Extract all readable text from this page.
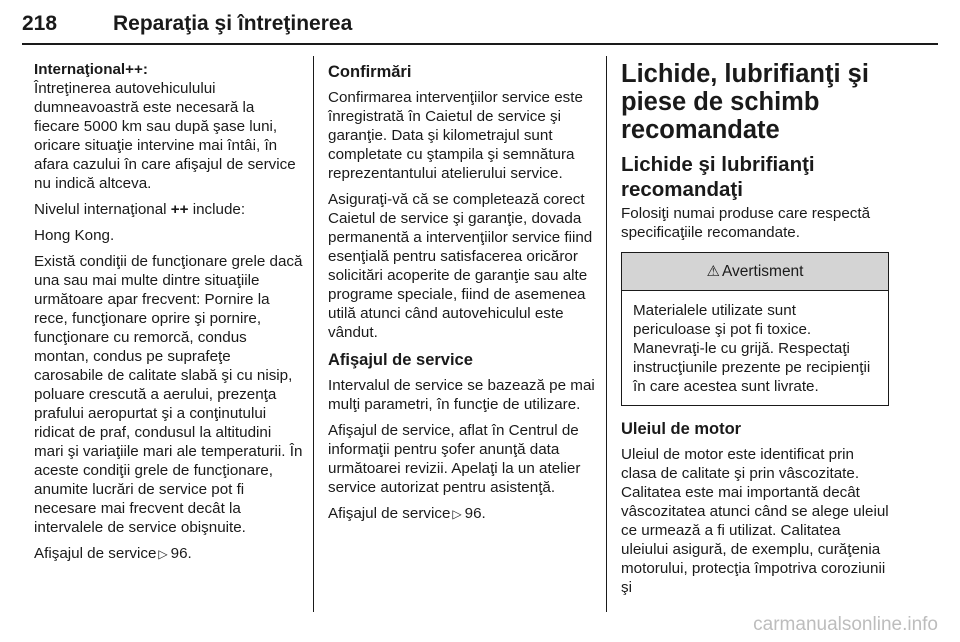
218	Reparaţia şi întreţinerea

Internaţional++:

Întreţinerea autovehiculului dumneavoastră este necesară la fiecare 5000 km sau după şase luni, oricare situaţie intervine mai întâi, în afara cazului în care afişajul de service nu indică altceva.

Nivelul internaţional ++ include:

Hong Kong.

Există condiţii de funcţionare grele dacă una sau mai multe dintre situaţiile următoare apar frecvent: Pornire la rece, funcţionare oprire şi pornire, funcţionare cu remorcă, condus montan, condus pe suprafeţe carosabile de calitate slabă şi cu nisip, poluare crescută a aerului, prezenţa prafului aeropurtat şi a conţinutului ridicat de praf, condusul la altitudini mari şi variaţiile mari ale temperaturii. În aceste condiţii grele de funcţionare, anumite lucrări de service pot fi necesare mai frecvent decât la intervalele de service obişnuite.

Afişajul de service ▷ 96.

Confirmări

Confirmarea intervenţiilor service este înregistrată în Caietul de service şi garanţie. Data şi kilometrajul sunt completate cu ştampila şi semnătura reprezentantului atelierului service.

Asiguraţi-vă că se completează corect Caietul de service şi garanţie, dovada permanentă a intervenţiilor service fiind esenţială pentru satisfacerea oricăror solicitări acoperite de garanţie sau alte programe speciale, fiind de asemenea utilă atunci când autovehiculul este vândut.

Afişajul de service

Intervalul de service se bazează pe mai mulţi parametri, în funcţie de utilizare.

Afişajul de service, aflat în Centrul de informaţii pentru şofer anunţă data următoarei revizii. Apelaţi la un atelier service autorizat pentru asistenţă.

Afişajul de service ▷ 96.

Lichide, lubrifianţi şi piese de schimb recomandate
Lichide şi lubrifianţi recomandaţi

Folosiţi numai produse care respectă specificaţiile recomandate.

⚠ Avertisment
Materialele utilizate sunt periculoase şi pot fi toxice. Manevraţi-le cu grijă. Respectaţi instrucţiunile prezente pe recipienţii în care acestea sunt livrate.
Uleiul de motor

Uleiul de motor este identificat prin clasa de calitate şi prin vâscozitate. Calitatea este mai importantă decât vâscozitatea atunci când se alege uleiul ce urmează a fi utilizat. Calitatea uleiului asigură, de exemplu, curăţenia motorului, protecţia împotriva coroziunii şi

carmanualsonline.info
